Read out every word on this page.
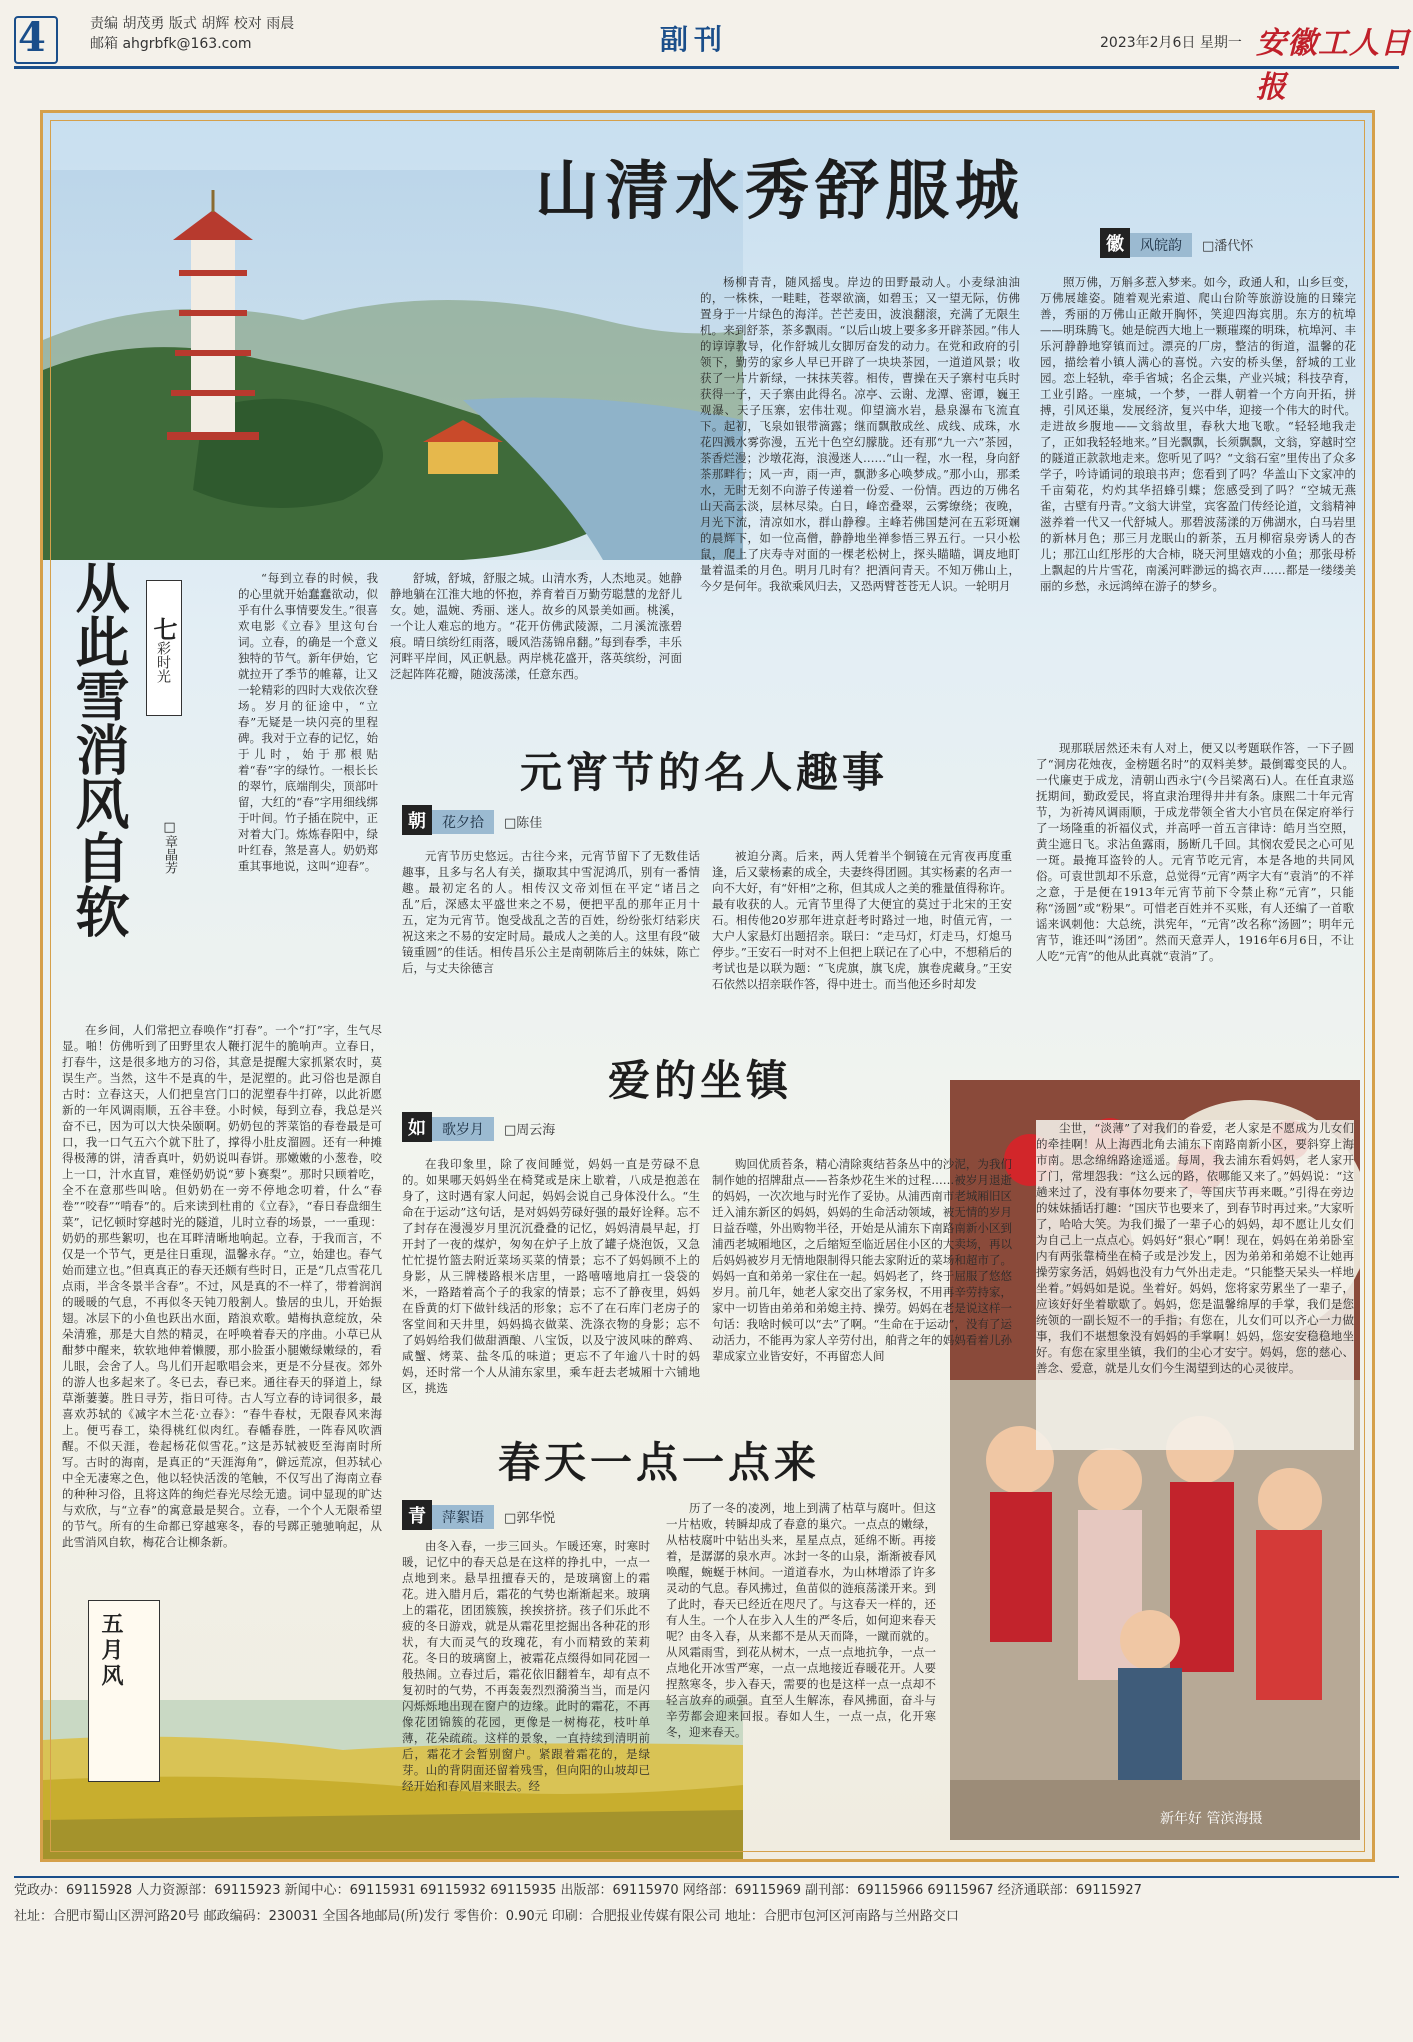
4	责编 胡茂勇 版式 胡辉 校对 雨晨
邮箱 ahgrbfk@163.com	副刊	2023年2月6日 星期一 安徽工人日报
山清水秀舒服城
徽 风皖韵 □潘代怀

舒城，舒城，舒服之城。山清水秀，人杰地灵。她静静地躺在江淮大地的怀抱，养育着百万勤劳聪慧的龙舒儿女。她，温婉、秀丽、迷人。故乡的风景美如画。桃溪，一个让人难忘的地方。“花开仿佛武陵源，二月溪流涨碧痕。晴日缤纷红雨落，暖风浩荡锦帛翻。”每到春季，丰乐河畔平岸间，风正帆悬。两岸桃花盛开，落英缤纷，河面泛起阵阵花瓣，随波荡漾，任意东西。

杨柳青青，随风摇曳。岸边的田野最动人。小麦绿油油的，一株株，一畦畦，苍翠欲滴，如碧玉；又一望无际，仿佛置身于一片绿色的海洋。芒芒麦田，波浪翻滚，充满了无限生机。来到舒茶，茶多飘雨。“以后山坡上要多多开辟茶园。”伟人的谆谆教导，化作舒城儿女脚厉奋发的动力。在党和政府的引领下，勤劳的家乡人早已开辟了一块块茶园，一道道风景；收获了一片片新绿，一抹抹芙蓉。相传，曹操在天子寨村屯兵时获得一子，天子寨由此得名。凉亭、云谢、龙潭、密谭，巍王观瀑、天子压寨，宏伟壮观。仰望滴水岩，悬泉瀑布飞流直下。起初，飞泉如银带滴露；继而飘散成丝、成线、成珠，水花四溅水雾弥漫，五光十色空幻朦胧。还有那“九一六”茶园，茶香烂漫；沙墩花海，浪漫迷人……“山一程，水一程，身向舒茶那畔行；风一声，雨一声，飘渺多心唤梦成。”那小山，那柔水，无时无刻不向游子传递着一份爱、一份情。西边的万佛名山天高云淡，层林尽染。白日，峰峦叠翠，云雾缭绕；夜晚，月光下流，清凉如水，群山静穆。主峰若佛国楚河在五彩斑斓的晨辉下，如一位高僧，静静地坐禅参悟三界五行。一只小松鼠，爬上了庆寿寺对面的一棵老松树上，探头瞄瞄，调皮地盯量着温柔的月色。明月几时有？把酒问青天。不知万佛山上，今夕是何年。我欲乘风归去，又恐两臂苍苍无人识。一轮明月

照万佛，万斛多惹入梦来。如今，政通人和，山乡巨变，万佛展雄姿。随着观光索道、爬山台阶等旅游设施的日臻完善，秀丽的万佛山正敞开胸怀，笑迎四海宾朋。东方的杭埠——明珠腾飞。她是皖西大地上一颗璀璨的明珠，杭埠河、丰乐河静静地穿镇而过。漂亮的厂房，整洁的街道，温馨的花园，描绘着小镇人满心的喜悦。六安的桥头堡，舒城的工业园。恋上轻轨，牵手省城；名企云集，产业兴城；科技孕育，工业引路。一座城，一个梦，一群人朝着一个方向开拓，拼搏，引风还巢，发展经济，复兴中华，迎接一个伟大的时代。走进故乡腹地——文翁故里，春秋大地飞歌。“轻轻地我走了，正如我轻轻地来。”目光飘飘，长须飘飘，文翁，穿越时空的隧道正款款地走来。您听见了吗？“文翁石室”里传出了众多学子，吟诗诵词的琅琅书声；您看到了吗？华盖山下文家冲的千亩菊花，灼灼其华招蜂引蝶；您感受到了吗？“空城无燕雀，古壁有丹青。”文翁大讲堂，宾客盈门传经论道，文翁精神滋养着一代又一代舒城人。那碧波荡漾的万佛湖水，白马岩里的新林月色；那三月龙眠山的新茶，五月柳宿泉旁诱人的杏儿；那江山红彤彤的大合柿，晓天河里嬉戏的小鱼；那张母桥上飘起的片片雪花，南溪河畔渺远的捣衣声……都是一缕缕美丽的乡愁，永远鸿绰在游子的梦乡。

从此雪消风自软 七彩时光
□章晶芳

“每到立春的时候，我的心里就开始蠢蠢欲动，似乎有什么事情要发生。”很喜欢电影《立春》里这句台词。立春，的确是一个意义独特的节气。新年伊始，它就拉开了季节的帷幕，让又一轮精彩的四时大戏依次登场。岁月的征途中，“立春”无疑是一块闪亮的里程碑。我对于立春的记忆，始于儿时，始于那根贴着“春”字的绿竹。一根长长的翠竹，底端削尖，顶部叶留，大红的“春”字用细线绑于叶间。竹子插在院中，正对着大门。炼炼春阳中，绿叶红春，煞是喜人。奶奶郑重其事地说，这叫“迎春”。

在乡间，人们常把立春唤作“打春”。一个“打”字，生气尽显。啪！仿佛听到了田野里农人鞭打泥牛的脆响声。立春日，打春牛，这是很多地方的习俗，其意是提醒大家抓紧农时，莫误生产。当然，这牛不是真的牛，是泥塑的。此习俗也是源自古时：立春这天，人们把皇宫门口的泥塑春牛打碎，以此祈愿新的一年风调雨顺，五谷丰登。小时候，每到立春，我总是兴奋不已，因为可以大快朵颐啊。奶奶包的荠菜馅的春卷最是可口，我一口气五六个就下肚了，撑得小肚皮溜圆。还有一种摊得极薄的饼，清香真叶，奶奶说叫春饼。那嫩嫩的小葱卷，咬上一口，汁水直冒，难怪奶奶说“萝卜赛梨”。那时只顾着吃，全不在意那些叫啥。但奶奶在一旁不停地念叨着，什么“春卷”“咬春”“啃春”的。后来读到杜甫的《立春》，“春日春盘细生菜”，记忆顿时穿越时光的隧道，儿时立春的场景，一一重现：奶奶的那些絮叨，也在耳畔清晰地响起。立春，于我而言，不仅是一个节气，更是往日重现，温馨永存。“立，始建也。春气始而建立也。”但真真正的春天还颇有些时日，正是“几点雪花几点雨，半含冬景半含春”。不过，风是真的不一样了，带着润润的暖暖的气息，不再似冬天钝刀般割人。蛰居的虫儿，开始振翅。冰层下的小鱼也跃出水面，踏浪欢歌。蜡梅执意绽放，朵朵清雅，那是大自然的精灵，在呼唤着春天的序曲。小草已从酣梦中醒来，软软地伸着懒腰，那小脸蛋小腿嫩绿嫩绿的，看儿眼，会舍了人。鸟儿们开起歌唱会来，更是不分昼夜。郊外的游人也多起来了。冬已去，春已来。通往春天的驿道上，绿草渐萋萋。胜日寻芳，指日可待。古人写立春的诗词很多，最喜欢苏轼的《减字木兰花·立春》：“春牛春杖，无限春风来海上。便丐春工，染得桃红似肉红。春幡春胜，一阵春风吹酒醒。不似天涯，卷起杨花似雪花。”这是苏轼被贬至海南时所写。古时的海南，是真正的“天涯海角”，僻远荒凉，但苏轼心中全无凄寒之色，他以轻快活泼的笔触，不仅写出了海南立春的种种习俗，且将这阵的绚烂春光尽绘无遗。词中显现的旷达与欢欣，与“立春”的寓意最是契合。立春，一个个人无限希望的节气。所有的生命都已穿越寒冬，春的号踯正驰驰响起，从此雪消风自软，梅花合让柳条新。

五月风
元宵节的名人趣事
朝 花夕拾 □陈佳

元宵节历史悠远。古往今来，元宵节留下了无数佳话趣事，且多与名人有关，撷取其中雪泥鸿爪，别有一番情趣。最初定名的人。相传汉文帝刘恒在平定“诸吕之乱”后，深感太平盛世来之不易，便把平乱的那年正月十五，定为元宵节。饱受战乱之苦的百姓，纷纷张灯结彩庆祝这来之不易的安定时局。最成人之美的人。这里有段“破镜重圆”的佳话。相传昌乐公主是南朝陈后主的妹妹，陈亡后，与丈夫徐德言

被迫分离。后来，两人凭着半个铜镜在元宵夜再度重逢，后又蒙杨素的成全，夫妻终得团圆。其实杨素的名声一向不大好，有“奸相”之称，但其成人之美的雅量值得称许。最有收获的人。元宵节里得了大便宜的莫过于北宋的王安石。相传他20岁那年进京赶考时路过一地，时值元宵，一大户人家悬灯出题招亲。联曰：“走马灯，灯走马，灯熄马停步。”王安石一时对不上但把上联记在了心中，不想稍后的考试也是以联为题：“飞虎旗，旗飞虎，旗卷虎藏身。”王安石依然以招亲联作答，得中进士。而当他还乡时却发

现那联居然还未有人对上，便又以考题联作答，一下子圆了“洞房花烛夜，金榜题名时”的双料美梦。最倒霉变民的人。一代廉吏于成龙，清朝山西永宁(今吕梁离石)人。在任直隶巡抚期间，勤政爱民，将直隶治理得井井有条。康熙二十年元宵节，为祈祷风调雨顺，于成龙带领全省大小官员在保定府举行了一场隆重的祈福仪式，并高呼一首五言律诗：皓月当空照，黄尘遮日飞。求沾鱼露雨，肠断几千回。其悯农爱民之心可见一斑。最掩耳盗铃的人。元宵节吃元宵，本是各地的共同风俗。可袁世凯却不乐意，总觉得“元宵”两字大有“袁消”的不祥之意，于是便在1913年元宵节前下令禁止称“元宵”，只能称“汤圆”或“粉果”。可惜老百姓并不买账，有人还编了一首歌谣来讽刺他：大总统，洪宪年，“元宵”改名称“汤圆”；明年元宵节，谁还叫“汤团”。然而天意弄人，1916年6月6日，不让人吃“元宵”的他从此真就“袁消”了。

爱的坐镇
如 歌岁月 □周云海

在我印象里，除了夜间睡觉，妈妈一直是劳碌不息的。如果哪天妈妈坐在椅凳或是床上歇着，八成是抱恙在身了，这时遇有家人问起，妈妈会说自己身体没什么。“生命在于运动”这句话，是对妈妈劳碌好强的最好诠释。忘不了封存在漫漫岁月里沉沉叠叠的记忆，妈妈清晨早起，打开封了一夜的煤炉，匆匆在炉子上放了罐子烧泡饭，又急忙忙提竹篮去附近菜场买菜的情景；忘不了妈妈顾不上的身影，从三牌楼路根米店里，一路嘻嘻地肩扛一袋袋的米，一路踏着高个子的我家的情景；忘不了静夜里，妈妈在昏黄的灯下做针线活的形象；忘不了在石库门老房子的客堂间和天井里，妈妈捣衣做菜、洗涤衣物的身影；忘不了妈妈给我们做甜酒酿、八宝饭，以及宁波风味的醉鸡、咸蟹、烤菜、盐冬瓜的味道；更忘不了年逾八十时的妈妈，还时常一个人从浦东家里，乘车赶去老城厢十六铺地区，挑选

购回优质苔条，精心清除爽结苔条丛中的沙泥，为我们制作她的招牌甜点——苔条炒花生米的过程……被岁月退逝的妈妈，一次次地与时光作了妥协。从浦西南市老城厢旧区迁入浦东新区的妈妈，妈妈的生命活动领域，被无情的岁月日益吞噬，外出购物半径，开始是从浦东下南路南新小区到浦西老城厢地区，之后缩短至临近居住小区的大卖场，再以后妈妈被岁月无情地限制得只能去家附近的菜场和超市了。妈妈一直和弟弟一家住在一起。妈妈老了，终于屈服了悠悠岁月。前几年，她老人家交出了家务权，不用再辛劳持家，家中一切皆由弟弟和弟媳主持、操劳。妈妈在老是说这样一句话：我啥时候可以“去”了啊。“生命在于运动”，没有了运动活力，不能再为家人辛劳付出，舶背之年的妈妈看着儿孙辈成家立业皆安好，不再留恋人间

尘世，“淡薄”了对我们的眷爱，老人家是不愿成为儿女们的牵挂啊！从上海西北角去浦东下南路南新小区，要斜穿上海市南。思念绵绵路途遥遥。每周，我去浦东看妈妈，老人家开了门，常埋怨我：“这么远的路，依哪能又来了。”妈妈说：“这趟来过了，没有事体勿要来了，等国庆节再来嘅。”引得在旁边的妹妹插话打趣：“国庆节也要来了，到春节时再过来。”大家听了，哈哈大笑。为我们撮了一辈子心的妈妈，却不愿让儿女们为自己上一点点心。妈妈好“狠心”啊！现在，妈妈在弟弟卧室内有两张靠椅坐在椅子或是沙发上，因为弟弟和弟媳不让她再操劳家务活，妈妈也没有力气外出走走。“只能整天呆头一样地坐着。”妈妈如是说。坐着好。妈妈，您将家劳累坐了一辈子，应该好好坐着歇歇了。妈妈，您是温馨绵厚的手掌，我们是您统领的一副长短不一的手指；有您在，儿女们可以齐心一力做事，我们不堪想象没有妈妈的手掌啊！妈妈，您安安稳稳地坐好。有您在家里坐镇，我们的尘心才安宁。妈妈，您的慈心、善念、爱意，就是儿女们今生渴望到达的心灵彼岸。

春天一点一点来
青 萍絮语 □郭华悦

由冬入春，一步三回头。乍暖还寒，时寒时暖，记忆中的春天总是在这样的挣扎中，一点一点地到来。悬旱扭擅春天的，是玻璃窗上的霜花。进入腊月后，霜花的气势也渐渐起来。玻璃上的霜花，团团簇簇，挨挨挤挤。孩子们乐此不疲的冬日游戏，就是从霜花里挖掘出各种花的形状，有大而灵气的玫瑰花，有小而精致的茉莉花。冬日的玻璃窗上，被霜花点缀得如同花园一般热闹。立春过后，霜花依旧翻着车，却有点不复初时的气势，不再轰轰烈烈漪漪当当，而是闪闪烁烁地出现在窗户的边缘。此时的霜花，不再像花团锦簇的花园，更像是一树梅花，枝叶单薄，花朵疏疏。这样的景象，一直持续到清明前后，霜花才会暂别窗户。紧跟着霜花的，是绿芽。山的背阴面还留着残雪，但向阳的山坡却已经开始和春风眉来眼去。经

历了一冬的凌冽，地上到满了枯草与腐叶。但这一片枯败，转瞬却成了春意的巢穴。一点点的嫩绿，从枯枝腐叶中钻出头来，星星点点，延绵不断。再接着，是潺潺的泉水声。冰封一冬的山泉，渐渐被春风唤醒，蜿蜒于林间。一道道春水，为山林增添了许多灵动的气息。春风拂过，鱼苗似的涟痕荡漾开来。到了此时，春天已经近在咫尺了。与这春天一样的，还有人生。一个人在步入人生的严冬后，如何迎来春天呢？由冬入春，从来都不是从天而降，一蹴而就的。从风霜雨雪，到花从树木，一点一点地抗争，一点一点地化开冰雪严寒，一点一点地接近春暖花开。人要捏熬寒冬，步入春天，需要的也是这样一点一点却不轻言放弃的顽强。直至人生解冻，春风拂面，奋斗与辛劳都会迎来回报。春如人生，一点一点，化开寒冬，迎来春天。

新年好 管滨海摄
党政办：69115928 人力资源部：69115923 新闻中心：69115931 69115932 69115935 出版部：69115970 网络部：69115969 副刊部：69115966 69115967 经济通联部：69115927
社址：合肥市蜀山区淠河路20号 邮政编码：230031 全国各地邮局(所)发行 零售价：0.90元 印刷：合肥报业传媒有限公司 地址：合肥市包河区河南路与兰州路交口
